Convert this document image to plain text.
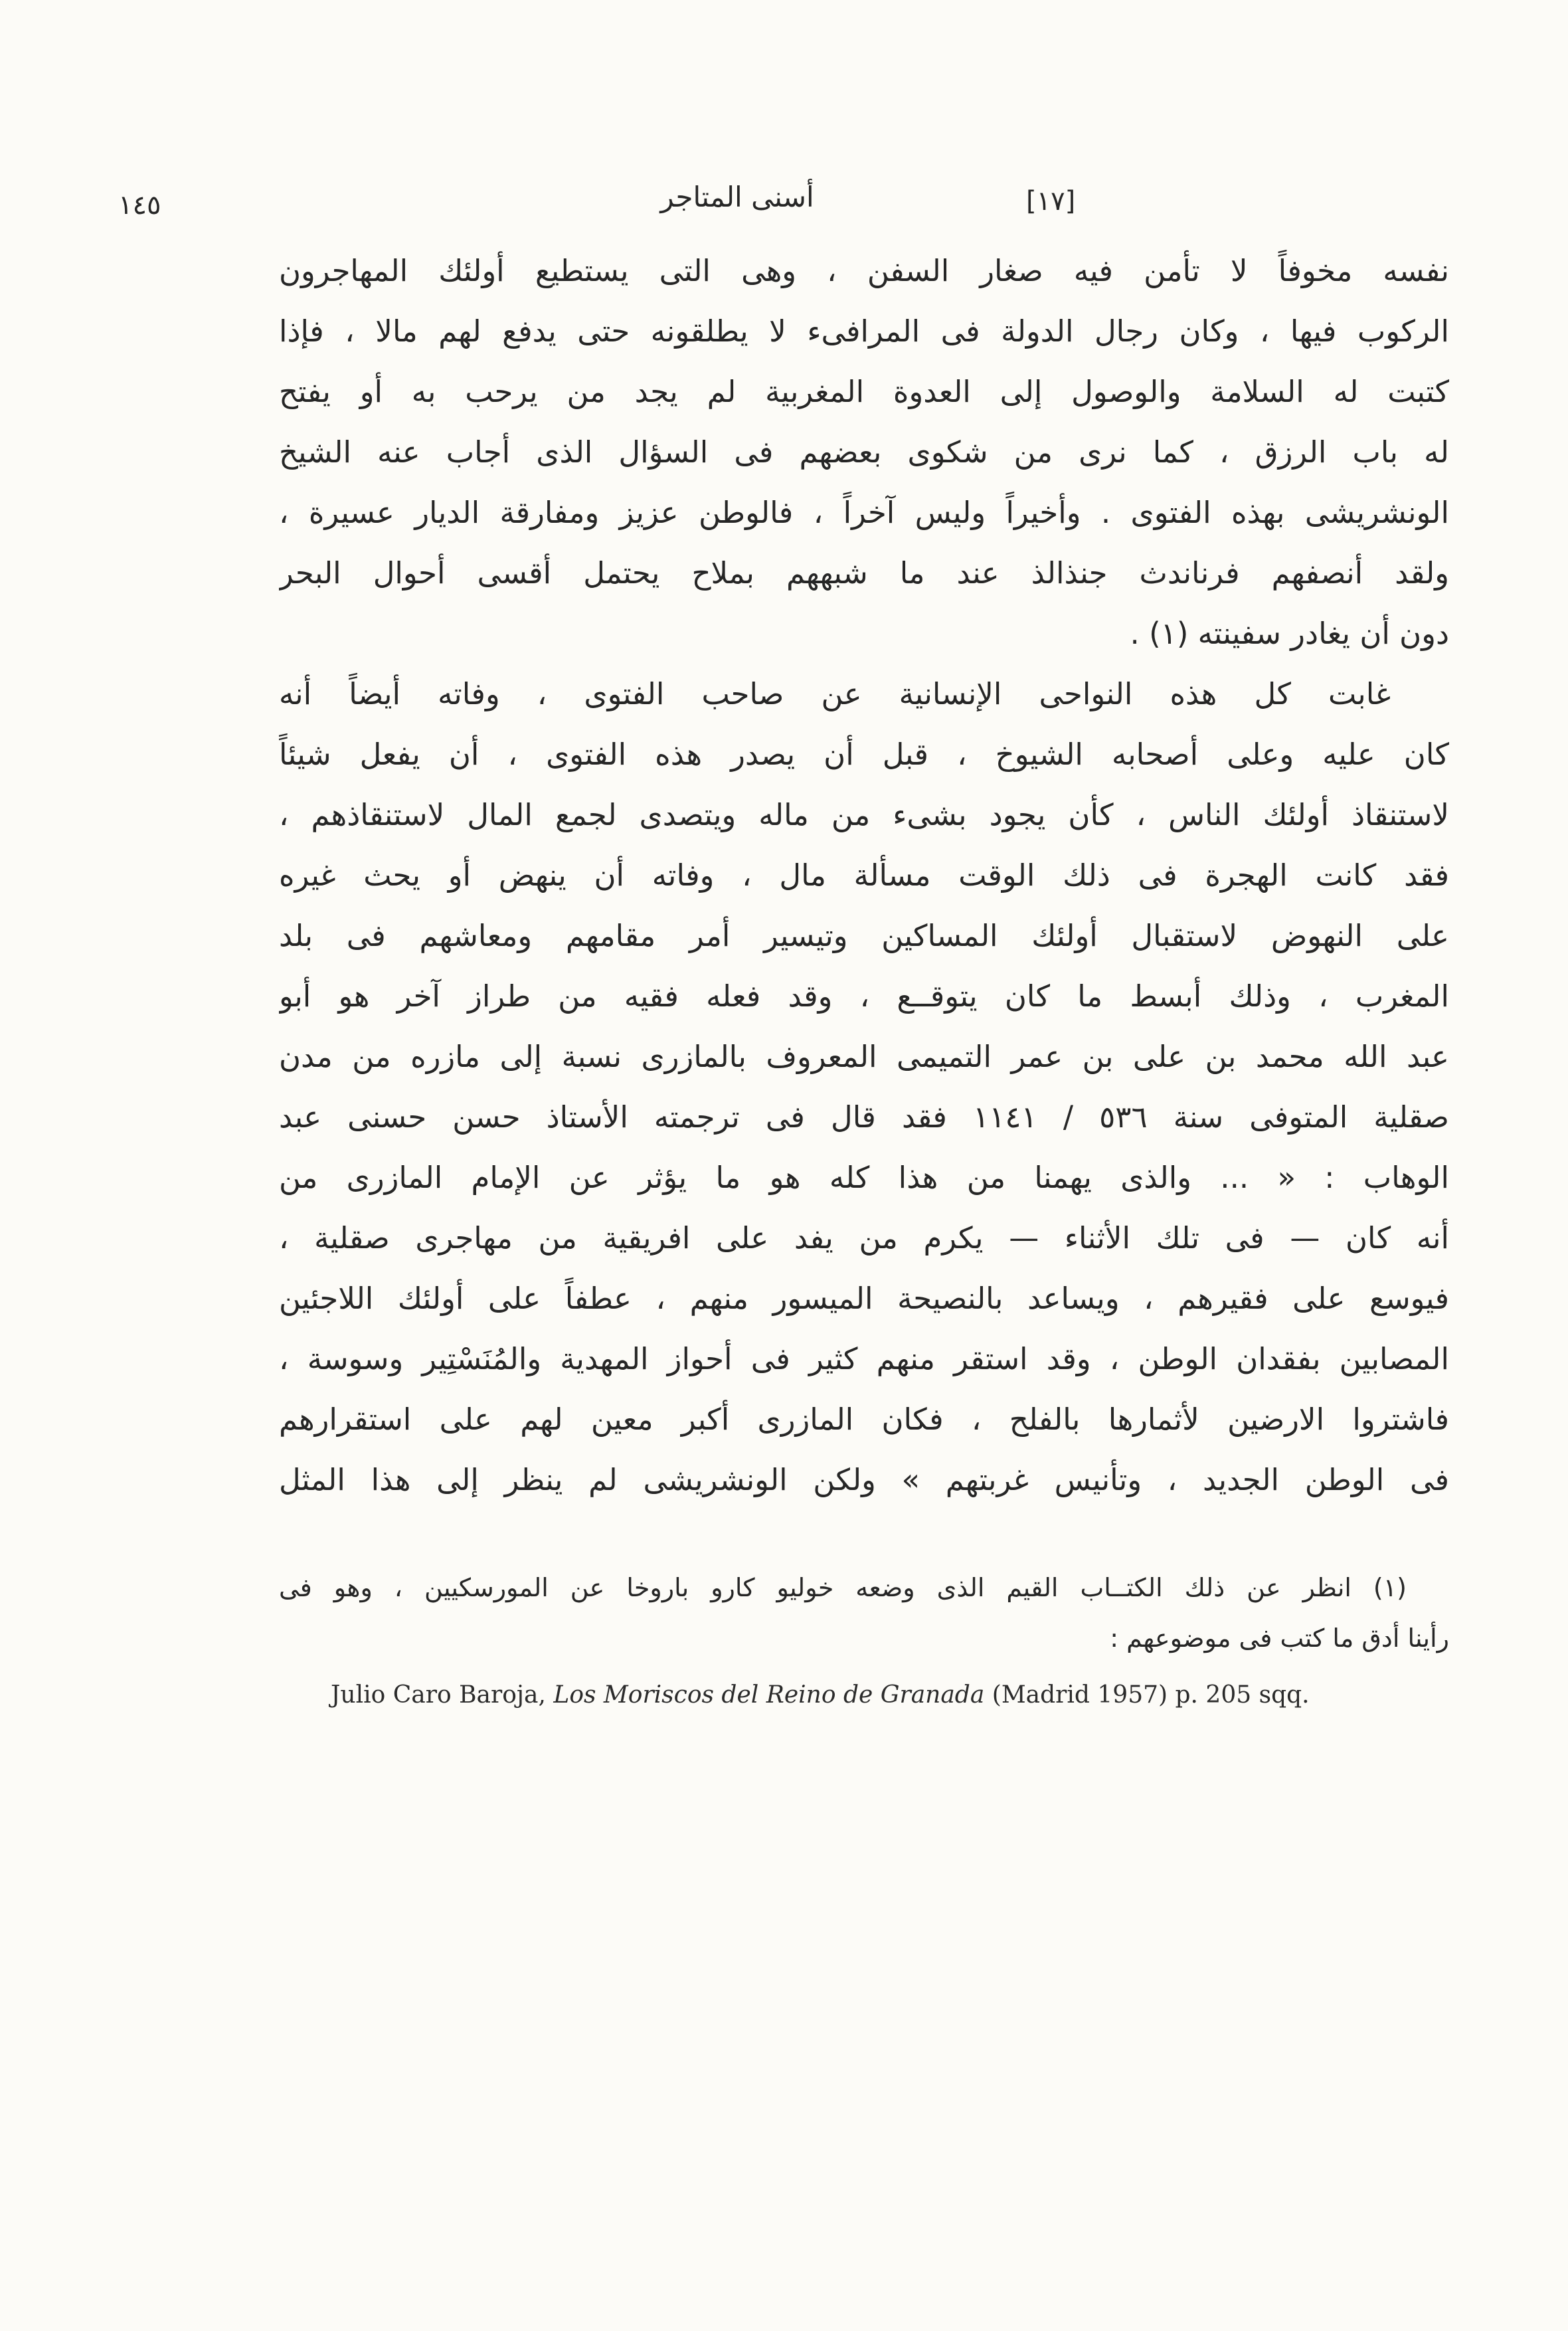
١٤٥	أسنى المتاجر	[١٧]
نفسه مخوفاً لا تأمن فيه صغار السفن ، وهى التى يستطيع أولئك المهاجرون
الركوب فيها ، وكان رجال الدولة فى المرافىء لا يطلقونه حتى يدفع لهم مالا ، فإذا
كتبت له السلامة والوصول إلى العدوة المغربية لم يجد من يرحب به أو يفتح
له باب الرزق ، كما نرى من شكوى بعضهم فى السؤال الذى أجاب عنه الشيخ
الونشريشى بهذه الفتوى . وأخيراً وليس آخراً ، فالوطن عزيز ومفارقة الديار عسيرة ،
ولقد أنصفهم فرناندث جنذالذ عند ما شبههم بملاح يحتمل أقسى أحوال البحر
دون أن يغادر سفينته (١) .
غابت كل هذه النواحى الإنسانية عن صاحب الفتوى ، وفاته أيضاً أنه
كان عليه وعلى أصحابه الشيوخ ، قبل أن يصدر هذه الفتوى ، أن يفعل شيئاً
لاستنقاذ أولئك الناس ، كأن يجود بشىء من ماله ويتصدى لجمع المال لاستنقاذهم ،
فقد كانت الهجرة فى ذلك الوقت مسألة مال ، وفاته أن ينهض أو يحث غيره
على النهوض لاستقبال أولئك المساكين وتيسير أمر مقامهم ومعاشهم فى بلد
المغرب ، وذلك أبسط ما كان يتوقــع ، وقد فعله فقيه من طراز آخر هو أبو
عبد الله محمد بن على بن عمر التميمى المعروف بالمازرى نسبة إلى مازره من مدن
صقلية المتوفى سنة ٥٣٦ / ١١٤١ فقد قال فى ترجمته الأستاذ حسن حسنى عبد
الوهاب : « ... والذى يهمنا من هذا كله هو ما يؤثر عن الإمام المازرى من
أنه كان — فى تلك الأثناء — يكرم من يفد على افريقية من مهاجرى صقلية ،
فيوسع على فقيرهم ، ويساعد بالنصيحة الميسور منهم ، عطفاً على أولئك اللاجئين
المصابين بفقدان الوطن ، وقد استقر منهم كثير فى أحواز المهدية والمُنَسْتِير وسوسة ،
فاشتروا الارضين لأثمارها بالفلح ، فكان المازرى أكبر معين لهم على استقرارهم
فى الوطن الجديد ، وتأنيس غربتهم » ولكن الونشريشى لم ينظر إلى هذا المثل
(١) انظر عن ذلك الكتــاب القيم الذى وضعه خوليو كارو باروخا عن المورسكيين ، وهو فى
رأينا أدق ما كتب فى موضوعهم :
Julio Caro Baroja, Los Moriscos del Reino de Granada (Madrid 1957) p. 205 sqq.
